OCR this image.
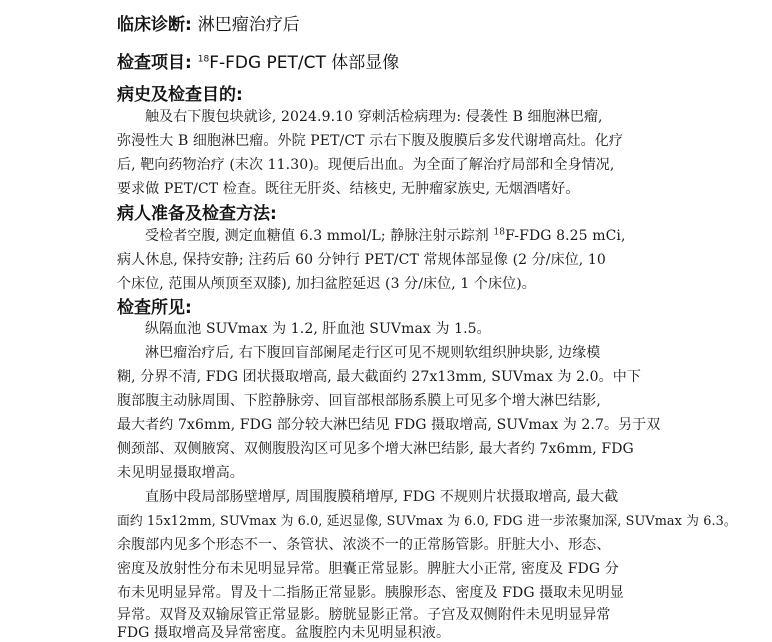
临床诊断: 淋巴瘤治疗后
检查项目: $^{18}$F-FDG PET/CT 体部显像
病史及检查目的:
触及右下腹包块就诊, 2024.9.10 穿刺活检病理为: 侵袭性 B 细胞淋巴瘤,
弥漫性大 B 细胞淋巴瘤。外院 PET/CT 示右下腹及腹膜后多发代谢增高灶。化疗
后, 靶向药物治疗 (末次 11.30)。现便后出血。为全面了解治疗局部和全身情况,
要求做 PET/CT 检查。既往无肝炎、结核史, 无肿瘤家族史, 无烟酒嗜好。
病人准备及检查方法:
受检者空腹, 测定血糖值 6.3 mmol/L; 静脉注射示踪剂 $^{18}$F-FDG 8.25 mCi,
病人休息, 保持安静; 注药后 60 分钟行 PET/CT 常规体部显像 (2 分/床位, 10
个床位, 范围从颅顶至双膝), 加扫盆腔延迟 (3 分/床位, 1 个床位)。
检查所见:
纵隔血池 SUVmax 为 1.2, 肝血池 SUVmax 为 1.5。
淋巴瘤治疗后, 右下腹回盲部阑尾走行区可见不规则软组织肿块影, 边缘模
糊, 分界不清, FDG 团状摄取增高, 最大截面约 27x13mm, SUVmax 为 2.0。中下
腹部腹主动脉周围、下腔静脉旁、回盲部根部肠系膜上可见多个增大淋巴结影,
最大者约 7x6mm, FDG 部分较大淋巴结见 FDG 摄取增高, SUVmax 为 2.7。另于双
侧颈部、双侧腋窝、双侧腹股沟区可见多个增大淋巴结影, 最大者约 7x6mm, FDG
未见明显摄取增高。
直肠中段局部肠壁增厚, 周围腹膜稍增厚, FDG 不规则片状摄取增高, 最大截
面约 15x12mm, SUVmax 为 6.0, 延迟显像, SUVmax 为 6.0, FDG 进一步浓聚加深, SUVmax 为 6.3。
余腹部内见多个形态不一、条管状、浓淡不一的正常肠管影。肝脏大小、形态、
密度及放射性分布未见明显异常。胆囊正常显影。脾脏大小正常, 密度及 FDG 分
布未见明显异常。胃及十二指肠正常显影。胰腺形态、密度及 FDG 摄取未见明显
异常。双肾及双输尿管正常显影。膀胱显影正常。子宫及双侧附件未见明显异常
FDG 摄取增高及异常密度。盆腹腔内未见明显积液。
